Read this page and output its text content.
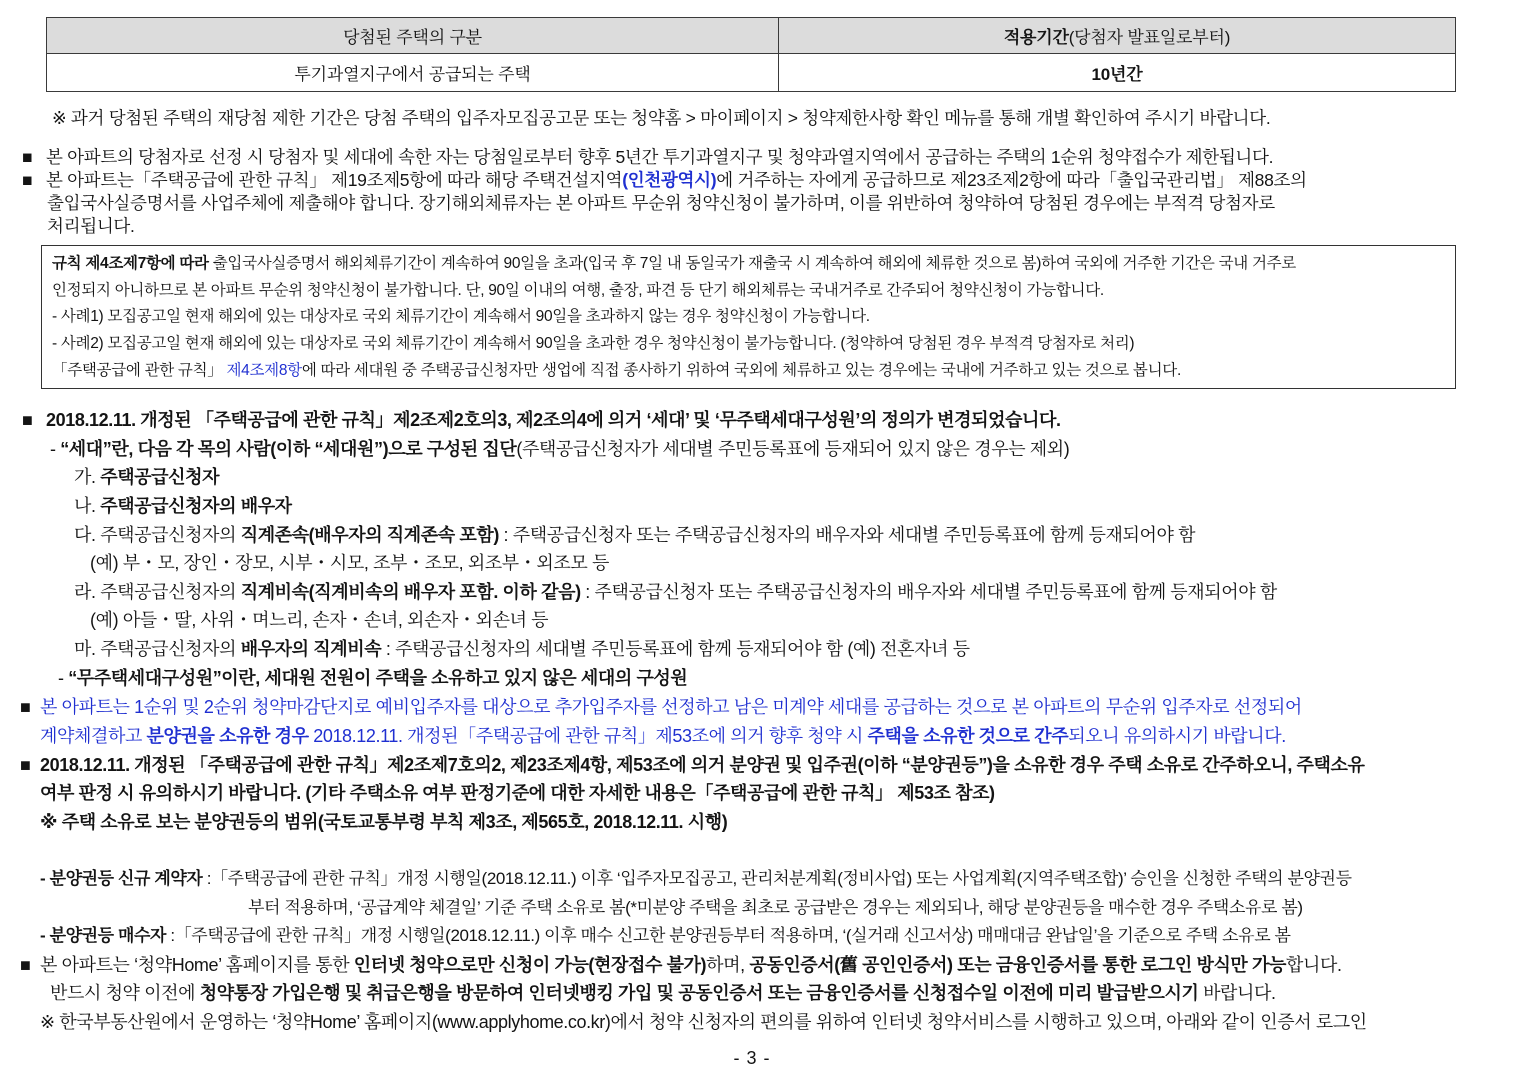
당첨된 주택의 구분	적용기간(당첨자 발표일로부터)
투기과열지구에서 공급되는 주택	10년간
※ 과거 당첨된 주택의 재당첨 제한 기간은 당첨 주택의 입주자모집공고문 또는 청약홈 > 마이페이지 > 청약제한사항 확인 메뉴를 통해 개별 확인하여 주시기 바랍니다.
■ 본 아파트의 당첨자로 선정 시 당첨자 및 세대에 속한 자는 당첨일로부터 향후 5년간 투기과열지구 및 청약과열지역에서 공급하는 주택의 1순위 청약접수가 제한됩니다.
■ 본 아파트는「주택공급에 관한 규칙」 제19조제5항에 따라 해당 주택건설지역(인천광역시)에 거주하는 자에게 공급하므로 제23조제2항에 따라「출입국관리법」 제88조의
출입국사실증명서를 사업주체에 제출해야 합니다. 장기해외체류자는 본 아파트 무순위 청약신청이 불가하며, 이를 위반하여 청약하여 당첨된 경우에는 부적격 당첨자로
처리됩니다.
규칙 제4조제7항에 따라 출입국사실증명서 해외체류기간이 계속하여 90일을 초과(입국 후 7일 내 동일국가 재출국 시 계속하여 해외에 체류한 것으로 봄)하여 국외에 거주한 기간은 국내 거주로
인정되지 아니하므로 본 아파트 무순위 청약신청이 불가합니다. 단, 90일 이내의 여행, 출장, 파견 등 단기 해외체류는 국내거주로 간주되어 청약신청이 가능합니다.
- 사례1) 모집공고일 현재 해외에 있는 대상자로 국외 체류기간이 계속해서 90일을 초과하지 않는 경우 청약신청이 가능합니다.
- 사례2) 모집공고일 현재 해외에 있는 대상자로 국외 체류기간이 계속해서 90일을 초과한 경우 청약신청이 불가능합니다. (청약하여 당첨된 경우 부적격 당첨자로 처리)
「주택공급에 관한 규칙」 제4조제8항에 따라 세대원 중 주택공급신청자만 생업에 직접 종사하기 위하여 국외에 체류하고 있는 경우에는 국내에 거주하고 있는 것으로 봅니다.
■ 2018.12.11. 개정된 「주택공급에 관한 규칙」제2조제2호의3, 제2조의4에 의거 ‘세대’ 및 ‘무주택세대구성원’의 정의가 변경되었습니다.
- “세대”란, 다음 각 목의 사람(이하 “세대원”)으로 구성된 집단(주택공급신청자가 세대별 주민등록표에 등재되어 있지 않은 경우는 제외)
가. 주택공급신청자
나. 주택공급신청자의 배우자
다. 주택공급신청자의 직계존속(배우자의 직계존속 포함) : 주택공급신청자 또는 주택공급신청자의 배우자와 세대별 주민등록표에 함께 등재되어야 함
(예) 부・모, 장인・장모, 시부・시모, 조부・조모, 외조부・외조모 등
라. 주택공급신청자의 직계비속(직계비속의 배우자 포함. 이하 같음) : 주택공급신청자 또는 주택공급신청자의 배우자와 세대별 주민등록표에 함께 등재되어야 함
(예) 아들・딸, 사위・며느리, 손자・손녀, 외손자・외손녀 등
마. 주택공급신청자의 배우자의 직계비속 : 주택공급신청자의 세대별 주민등록표에 함께 등재되어야 함 (예) 전혼자녀 등
- “무주택세대구성원”이란, 세대원 전원이 주택을 소유하고 있지 않은 세대의 구성원
■ 본 아파트는 1순위 및 2순위 청약마감단지로 예비입주자를 대상으로 추가입주자를 선정하고 남은 미계약 세대를 공급하는 것으로 본 아파트의 무순위 입주자로 선정되어
계약체결하고 분양권을 소유한 경우 2018.12.11. 개정된「주택공급에 관한 규칙」제53조에 의거 향후 청약 시 주택을 소유한 것으로 간주되오니 유의하시기 바랍니다.
■ 2018.12.11. 개정된 「주택공급에 관한 규칙」제2조제7호의2, 제23조제4항, 제53조에 의거 분양권 및 입주권(이하 “분양권등”)을 소유한 경우 주택 소유로 간주하오니, 주택소유
여부 판정 시 유의하시기 바랍니다. (기타 주택소유 여부 판정기준에 대한 자세한 내용은「주택공급에 관한 규칙」 제53조 참조)
※ 주택 소유로 보는 분양권등의 범위(국토교통부령 부칙 제3조, 제565호, 2018.12.11. 시행)
- 분양권등 신규 계약자 :「주택공급에 관한 규칙」개정 시행일(2018.12.11.) 이후 ‘입주자모집공고, 관리처분계획(정비사업) 또는 사업계획(지역주택조합)’ 승인을 신청한 주택의 분양권등
부터 적용하며, ‘공급계약 체결일’ 기준 주택 소유로 봄(*미분양 주택을 최초로 공급받은 경우는 제외되나, 해당 분양권등을 매수한 경우 주택소유로 봄)
- 분양권등 매수자 :「주택공급에 관한 규칙」개정 시행일(2018.12.11.) 이후 매수 신고한 분양권등부터 적용하며, ‘(실거래 신고서상) 매매대금 완납일’을 기준으로 주택 소유로 봄
■ 본 아파트는 ‘청약Home’ 홈페이지를 통한 인터넷 청약으로만 신청이 가능(현장접수 불가)하며, 공동인증서(舊 공인인증서) 또는 금융인증서를 통한 로그인 방식만 가능합니다.
반드시 청약 이전에 청약통장 가입은행 및 취급은행을 방문하여 인터넷뱅킹 가입 및 공동인증서 또는 금융인증서를 신청접수일 이전에 미리 발급받으시기 바랍니다.
※ 한국부동산원에서 운영하는 ‘청약Home’ 홈페이지(www.applyhome.co.kr)에서 청약 신청자의 편의를 위하여 인터넷 청약서비스를 시행하고 있으며, 아래와 같이 인증서 로그인
- 3 -
